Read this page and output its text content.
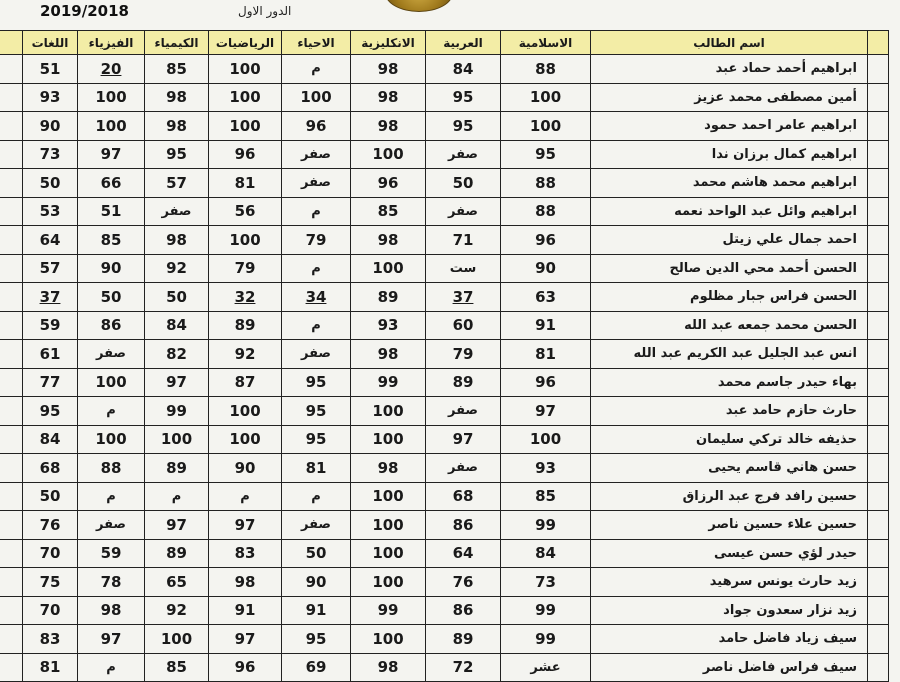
2019/2018	الدور الاول
	اللغات	الفيزياء	الكيمياء	الرياضيات	الاحياء	الانكليزية	العربية	الاسلامية	اسم الطالب	
	51	20	85	100	م	98	84	88	ابراهيم أحمد حماد عبد	
	93	100	98	100	100	98	95	100	أمين مصطفى محمد عزيز	
	90	100	98	100	96	98	95	100	ابراهيم عامر احمد حمود	
	73	97	95	96	صفر	100	صفر	95	ابراهيم كمال برزان ندا	
	50	66	57	81	صفر	96	50	88	ابراهيم محمد هاشم محمد	
	53	51	صفر	56	م	85	صفر	88	ابراهيم وائل عبد الواحد نعمه	
	64	85	98	100	79	98	71	96	احمد جمال علي زيتل	
	57	90	92	79	م	100	ست	90	الحسن أحمد محي الدين صالح	
	37	50	50	32	34	89	37	63	الحسن فراس جبار مظلوم	
	59	86	84	89	م	93	60	91	الحسن محمد جمعه عبد الله	
	61	صفر	82	92	صفر	98	79	81	انس عبد الجليل عبد الكريم عبد الله	
	77	100	97	87	95	99	89	96	بهاء حيدر جاسم محمد	
	95	م	99	100	95	100	صفر	97	حارث حازم حامد عبد	
	84	100	100	100	95	100	97	100	حذيفه خالد تركي سليمان	
	68	88	89	90	81	98	صفر	93	حسن هاني قاسم يحيى	
	50	م	م	م	م	100	68	85	حسين رافد فرج عبد الرزاق	
	76	صفر	97	97	صفر	100	86	99	حسين علاء حسين ناصر	
	70	59	89	83	50	100	64	84	حيدر لؤي حسن عيسى	
	75	78	65	98	90	100	76	73	زيد حارث يونس سرهيد	
	70	98	92	91	91	99	86	99	زيد نزار سعدون جواد	
	83	97	100	97	95	100	89	99	سيف زياد فاضل حامد	
	81	م	85	96	69	98	72	عشر	سيف فراس فاضل ناصر	
